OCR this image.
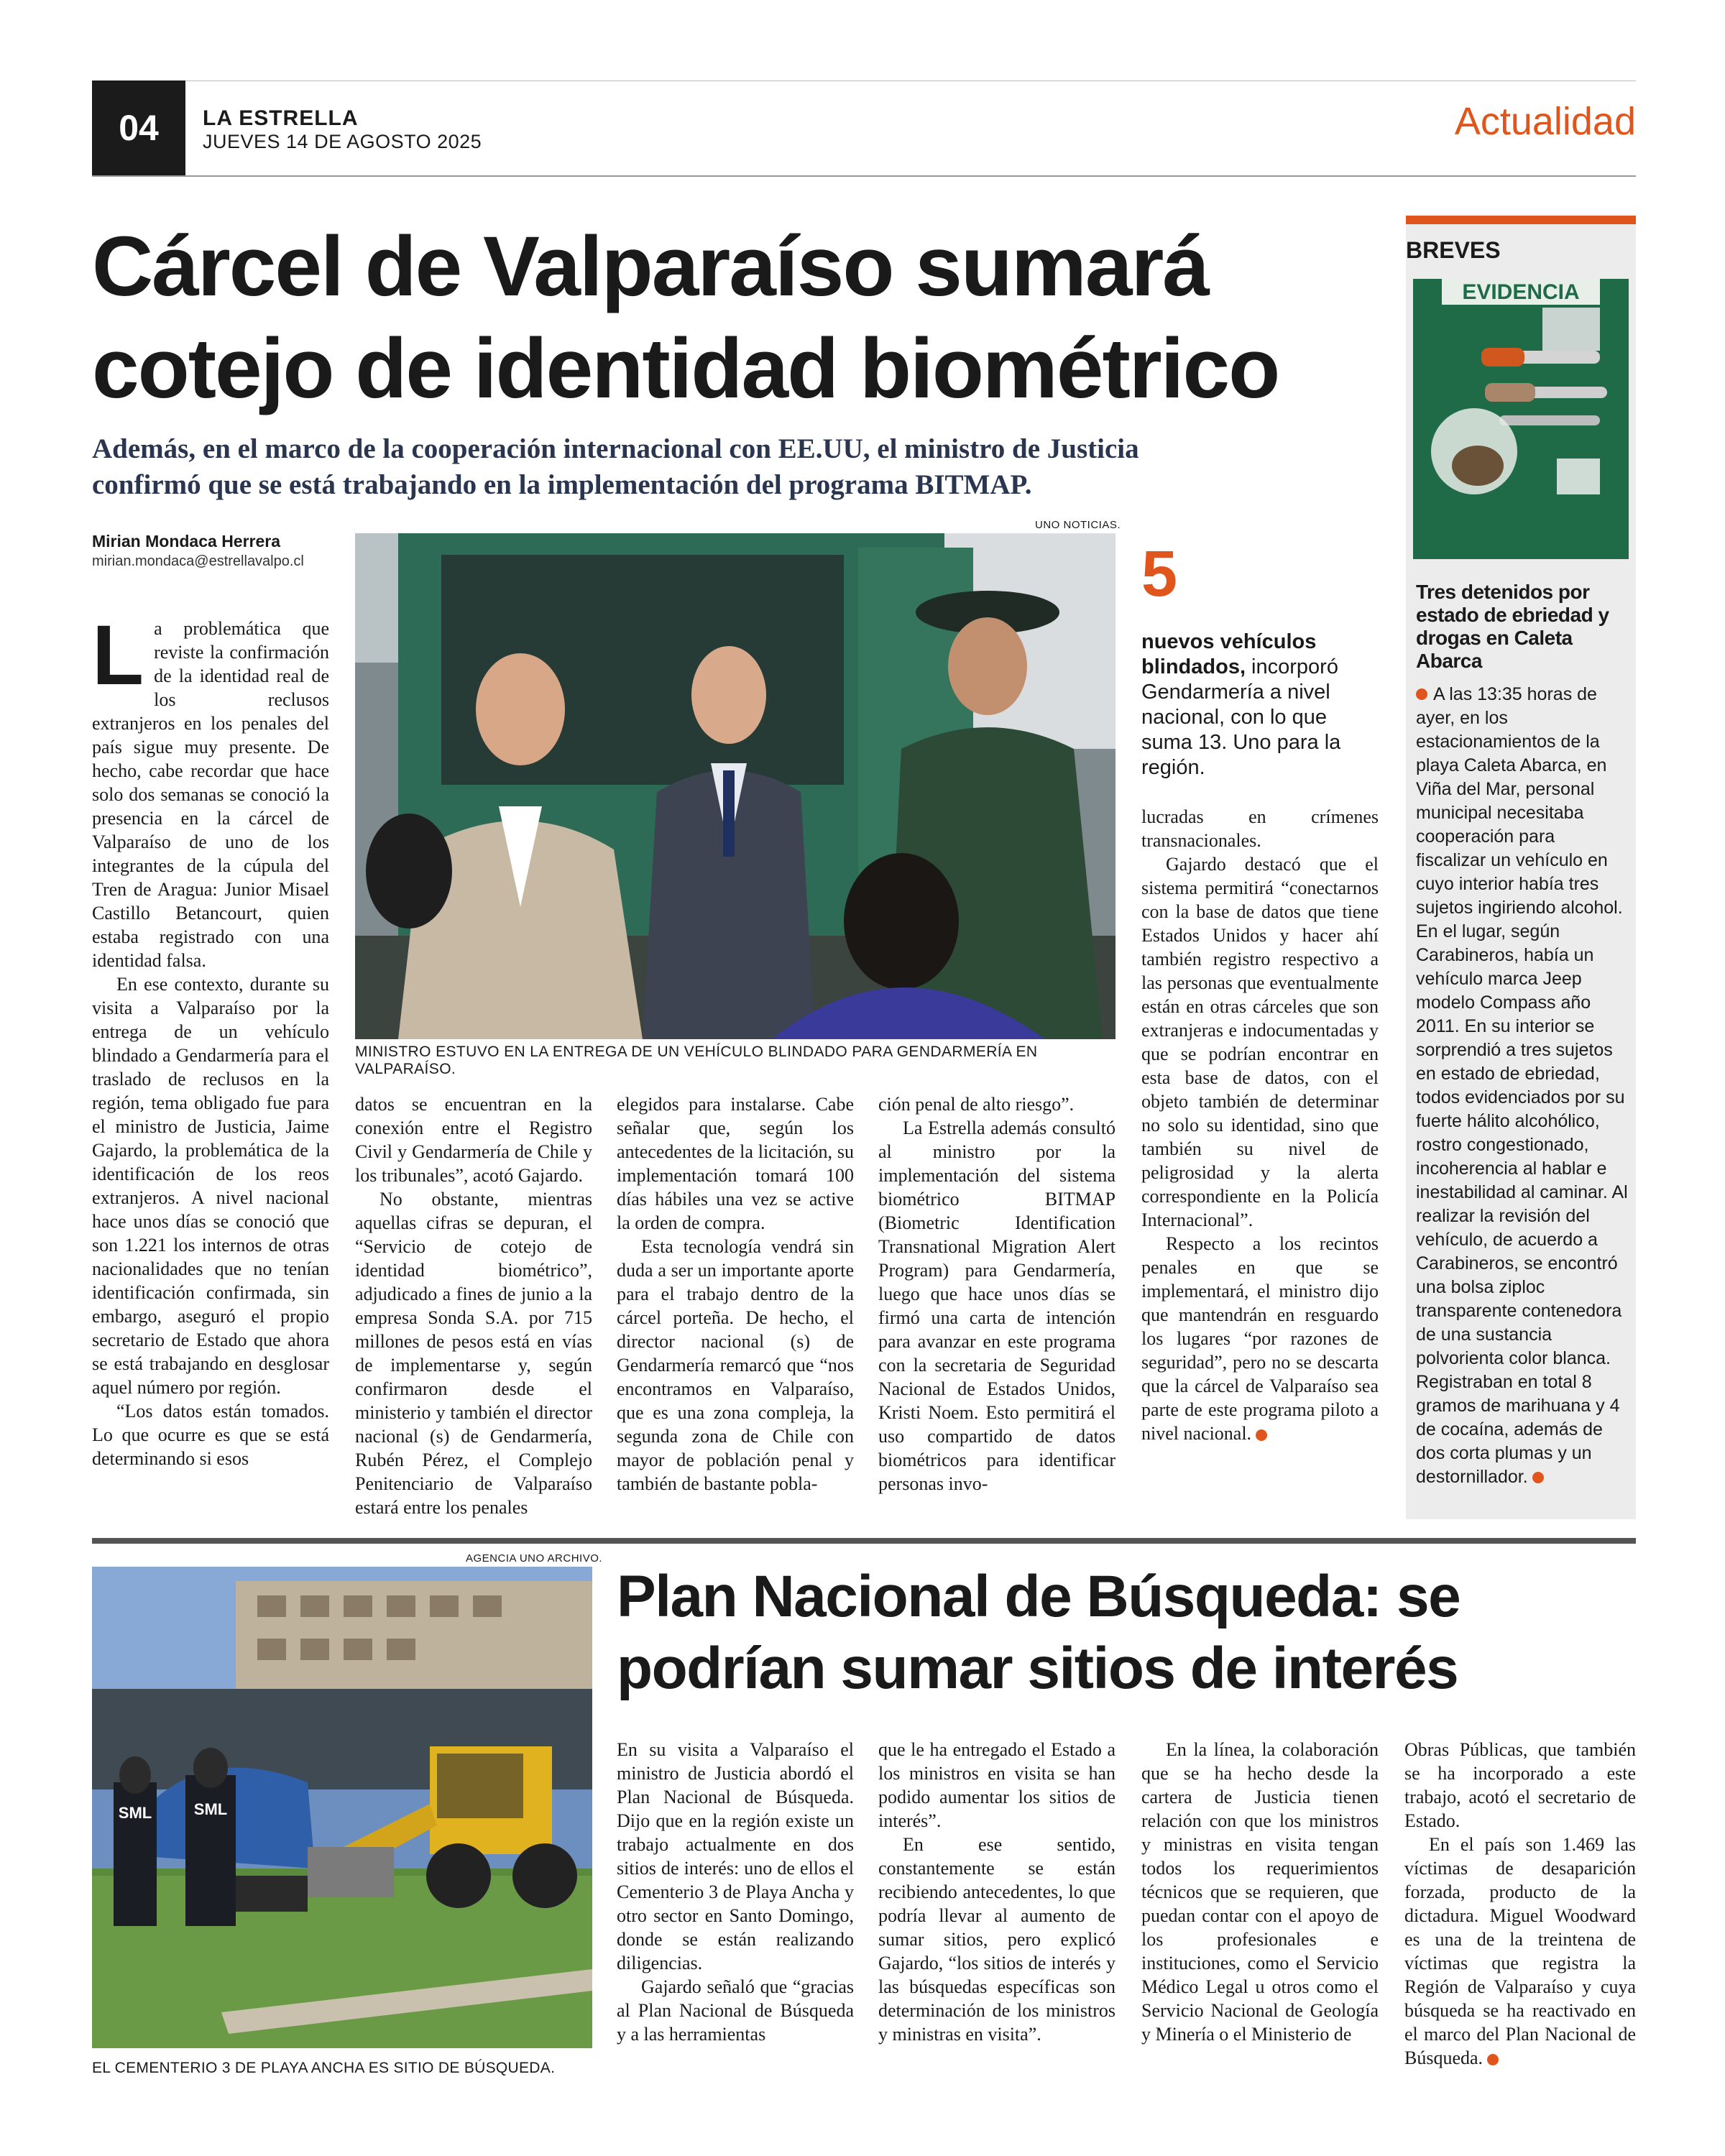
04	LA ESTRELLA
JUEVES 14 DE AGOSTO 2025	Actualidad
Cárcel de Valparaíso sumará
cotejo de identidad biométrico
Además, en el marco de la cooperación internacional con EE.UU, el ministro de Justicia
confirmó que se está trabajando en la implementación del programa BITMAP.
Mirian Mondaca Herrera
mirian.mondaca@estrellavalpo.cl

La problemática que reviste la confirmación de la identidad real de los reclusos extranjeros en los penales del país sigue muy presente. De hecho, cabe recordar que hace solo dos semanas se conoció la presencia en la cárcel de Valparaíso de uno de los integrantes de la cúpula del Tren de Aragua: Junior Misael Castillo Betancourt, quien estaba registrado con una identidad falsa.

En ese contexto, durante su visita a Valparaíso por la entrega de un vehículo blindado a Gendarmería para el traslado de reclusos en la región, tema obligado fue para el ministro de Justicia, Jaime Gajardo, la problemática de la identificación de los reos extranjeros. A nivel nacional hace unos días se conoció que son 1.221 los internos de otras nacionalidades que no tenían identificación confirmada, sin embargo, aseguró el propio secretario de Estado que ahora se está trabajando en desglosar aquel número por región.

“Los datos están tomados. Lo que ocurre es que se está determinando si esos

UNO NOTICIAS.
MINISTRO ESTUVO EN LA ENTREGA DE UN VEHÍCULO BLINDADO PARA GENDARMERÍA EN VALPARAÍSO.
5
nuevos vehículos blindados, incorporó Gendarmería a nivel nacional, con lo que suma 13. Uno para la región.

datos se encuentran en la conexión entre el Registro Civil y Gendarmería de Chile y los tribunales”, acotó Gajardo.

No obstante, mientras aquellas cifras se depuran, el “Servicio de cotejo de identidad biométrico”, adjudicado a fines de junio a la empresa Sonda S.A. por 715 millones de pesos está en vías de implementarse y, según confirmaron desde el ministerio y también el director nacional (s) de Gendarmería, Rubén Pérez, el Complejo Penitenciario de Valparaíso estará entre los penales

elegidos para instalarse. Cabe señalar que, según los antecedentes de la licitación, su implementación tomará 100 días hábiles una vez se active la orden de compra.

Esta tecnología vendrá sin duda a ser un importante aporte para el trabajo dentro de la cárcel porteña. De hecho, el director nacional (s) de Gendarmería remarcó que “nos encontramos en Valparaíso, que es una zona compleja, la segunda zona de Chile con mayor de población penal y también de bastante pobla-

ción penal de alto riesgo”.

La Estrella además consultó al ministro por la implementación del sistema biométrico BITMAP (Biometric Identification Transnational Migration Alert Program) para Gendarmería, luego que hace unos días se firmó una carta de intención para avanzar en este programa con la secretaria de Seguridad Nacional de Estados Unidos, Kristi Noem. Esto permitirá el uso compartido de datos biométricos para identificar personas invo-

lucradas en crímenes transnacionales.

Gajardo destacó que el sistema permitirá “conectarnos con la base de datos que tiene Estados Unidos y hacer ahí también registro respectivo a las personas que eventualmente están en otras cárceles que son extranjeras e indocumentadas y que se podrían encontrar en esta base de datos, con el objeto también de determinar no solo su identidad, sino que también su nivel de peligrosidad y la alerta correspondiente en la Policía Internacional”.

Respecto a los recintos penales en que se implementará, el ministro dijo que mantendrán en resguardo los lugares “por razones de seguridad”, pero no se descarta que la cárcel de Valparaíso sea parte de este programa piloto a nivel nacional.

BREVES
EVIDENCIA
Tres detenidos por estado de ebriedad y drogas en Caleta Abarca
A las 13:35 horas de ayer, en los estacionamientos de la playa Caleta Abarca, en Viña del Mar, personal municipal necesitaba cooperación para fiscalizar un vehículo en cuyo interior había tres sujetos ingiriendo alcohol. En el lugar, según Carabineros, había un vehículo marca Jeep modelo Compass año 2011. En su interior se sorprendió a tres sujetos en estado de ebriedad, todos evidenciados por su fuerte hálito alcohólico, rostro congestionado, incoherencia al hablar e inestabilidad al caminar. Al realizar la revisión del vehículo, de acuerdo a Carabineros, se encontró una bolsa ziploc transparente contenedora de una sustancia polvorienta color blanca. Registraban en total 8 gramos de marihuana y 4 de cocaína, además de dos corta plumas y un destornillador.
AGENCIA UNO ARCHIVO.
SML	SML
EL CEMENTERIO 3 DE PLAYA ANCHA ES SITIO DE BÚSQUEDA.
Plan Nacional de Búsqueda: se
podrían sumar sitios de interés

En su visita a Valparaíso el ministro de Justicia abordó el Plan Nacional de Búsqueda. Dijo que en la región existe un trabajo actualmente en dos sitios de interés: uno de ellos el Cementerio 3 de Playa Ancha y otro sector en Santo Domingo, donde se están realizando diligencias.

Gajardo señaló que “gracias al Plan Nacional de Búsqueda y a las herramientas

que le ha entregado el Estado a los ministros en visita se han podido aumentar los sitios de interés”.

En ese sentido, constantemente se están recibiendo antecedentes, lo que podría llevar al aumento de sumar sitios, pero explicó Gajardo, “los sitios de interés y las búsquedas específicas son determinación de los ministros y ministras en visita”.

En la línea, la colaboración que se ha hecho desde la cartera de Justicia tienen relación con que los ministros y ministras en visita tengan todos los requerimientos técnicos que se requieren, que puedan contar con el apoyo de los profesionales e instituciones, como el Servicio Médico Legal u otros como el Servicio Nacional de Geología y Minería o el Ministerio de

Obras Públicas, que también se ha incorporado a este trabajo, acotó el secretario de Estado.

En el país son 1.469 las víctimas de desaparición forzada, producto de la dictadura. Miguel Woodward es una de la treintena de víctimas que registra la Región de Valparaíso y cuya búsqueda se ha reactivado en el marco del Plan Nacional de Búsqueda.
